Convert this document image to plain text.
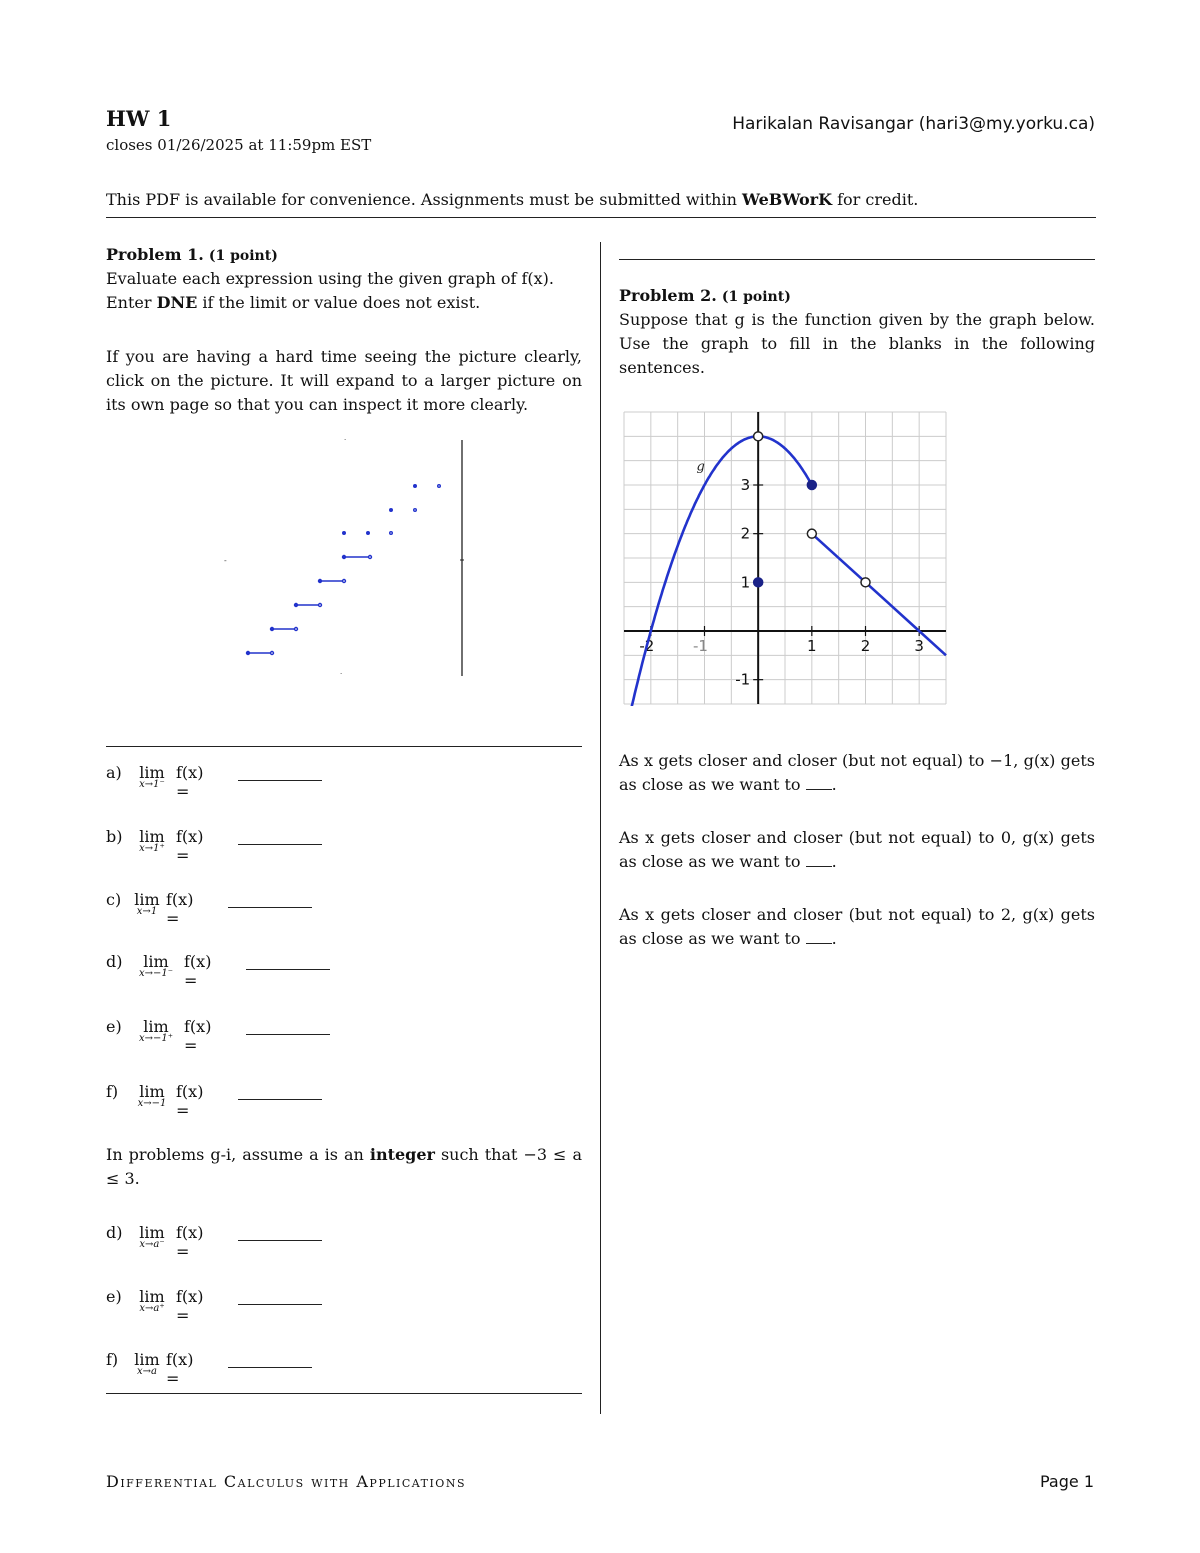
HW 1
closes 01/26/2025 at 11:59pm EST
Harikalan Ravisangar (hari3@my.yorku.ca)
This PDF is available for convenience. Assignments must be submitted within WeBWorK for credit.
Problem 1. (1 point)
Evaluate each expression using the given graph of f(x).
Enter DNE if the limit or value does not exist.
If you are having a hard time seeing the picture clearly, click on the picture. It will expand to a larger picture on its own page so that you can inspect it more clearly.
·
-
·
a)	lim
x→1⁻
f(x) =
b)	lim
x→1⁺
f(x) =
c) lim
x→1
f(x) =
d)	lim
x→−1⁻
f(x) =
e)	lim
x→−1⁺
f(x) =
f)	lim
x→−1
f(x) =
d)	lim
x→a⁻
f(x) =
e)	lim
x→a⁺
f(x) =
f) lim
x→a
f(x) =
In problems g-i, assume a is an integer such that −3 ≤ a ≤ 3.
Problem 2. (1 point)
Suppose that g is the function given by the graph below. Use the graph to fill in the blanks in the following sentences.
-2	-1	1	2	3
-1
1
2
3
g
As x gets closer and closer (but not equal) to −1, g(x) gets as close as we want to .
As x gets closer and closer (but not equal) to 0, g(x) gets as close as we want to .
As x gets closer and closer (but not equal) to 2, g(x) gets as close as we want to .
Differential Calculus with Applications	Page 1
